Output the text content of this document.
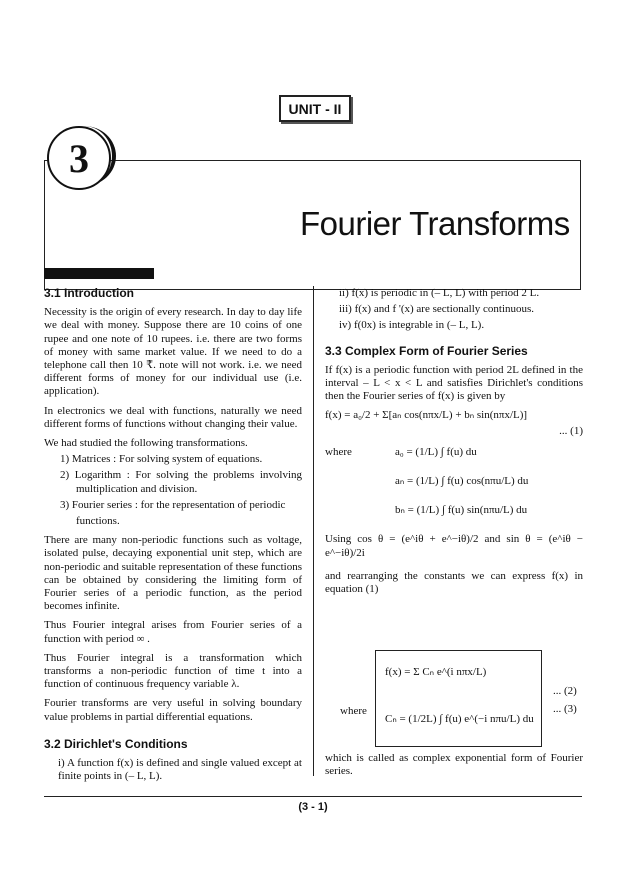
UNIT - II
3
Fourier Transforms
3.1 Introduction

Necessity is the origin of every research. In day to day life we deal with money. Suppose there are 10 coins of one rupee and one note of 10 rupees. i.e. there are two forms of money with same market value. If we need to do a telephone call then 10 ₹. note will not work. i.e. we need different forms of money for our individual use (i.e. application).

In electronics we deal with functions, naturally we need different forms of functions without changing their value.

We had studied the following transformations.

1) Matrices : For solving system of equations.
2) Logarithm : For solving the problems involving multiplication and division.
3) Fourier series : for the representation of periodic
functions.

There are many non-periodic functions such as voltage, isolated pulse, decaying exponential unit step, which are non-periodic and suitable representation of these functions can be obtained by considering the limiting form of Fourier series of a periodic function, as the period becomes infinite.

Thus Fourier integral arises from Fourier series of a function with period ∞ .

Thus Fourier integral is a transformation which transforms a non-periodic function of time t into a function of continuous frequency variable λ.

Fourier transforms are very useful in solving boundary value problems in partial differential equations.

3.2 Dirichlet's Conditions

i) A function f(x) is defined and single valued except at finite points in (– L, L).

ii) f(x) is periodic in (– L, L) with period 2 L.

iii) f(x) and f '(x) are sectionally continuous.

iv) f(0x) is integrable in (– L, L).

3.3 Complex Form of Fourier Series

If f(x) is a periodic function with period 2L defined in the interval – L < x < L and satisfies Dirichlet's conditions then the Fourier series of f(x) is given by

f(x) = a₀/2 + Σ[aₙ cos(nπx/L) + bₙ sin(nπx/L)]
... (1)
where	a₀ = (1/L) ∫ f(u) du
aₙ = (1/L) ∫ f(u) cos(nπu/L) du
bₙ = (1/L) ∫ f(u) sin(nπu/L) du
Using cos θ = (e^iθ + e^−iθ)/2 and sin θ = (e^iθ − e^−iθ)/2i

and rearranging the constants we can express f(x) in equation (1)

f(x) = Σ Cₙ e^(i nπx/L)
... (2)
where
Cₙ = (1/2L) ∫ f(u) e^(−i nπu/L) du
... (3)
which is called as complex exponential form of Fourier series.
(3 - 1)
